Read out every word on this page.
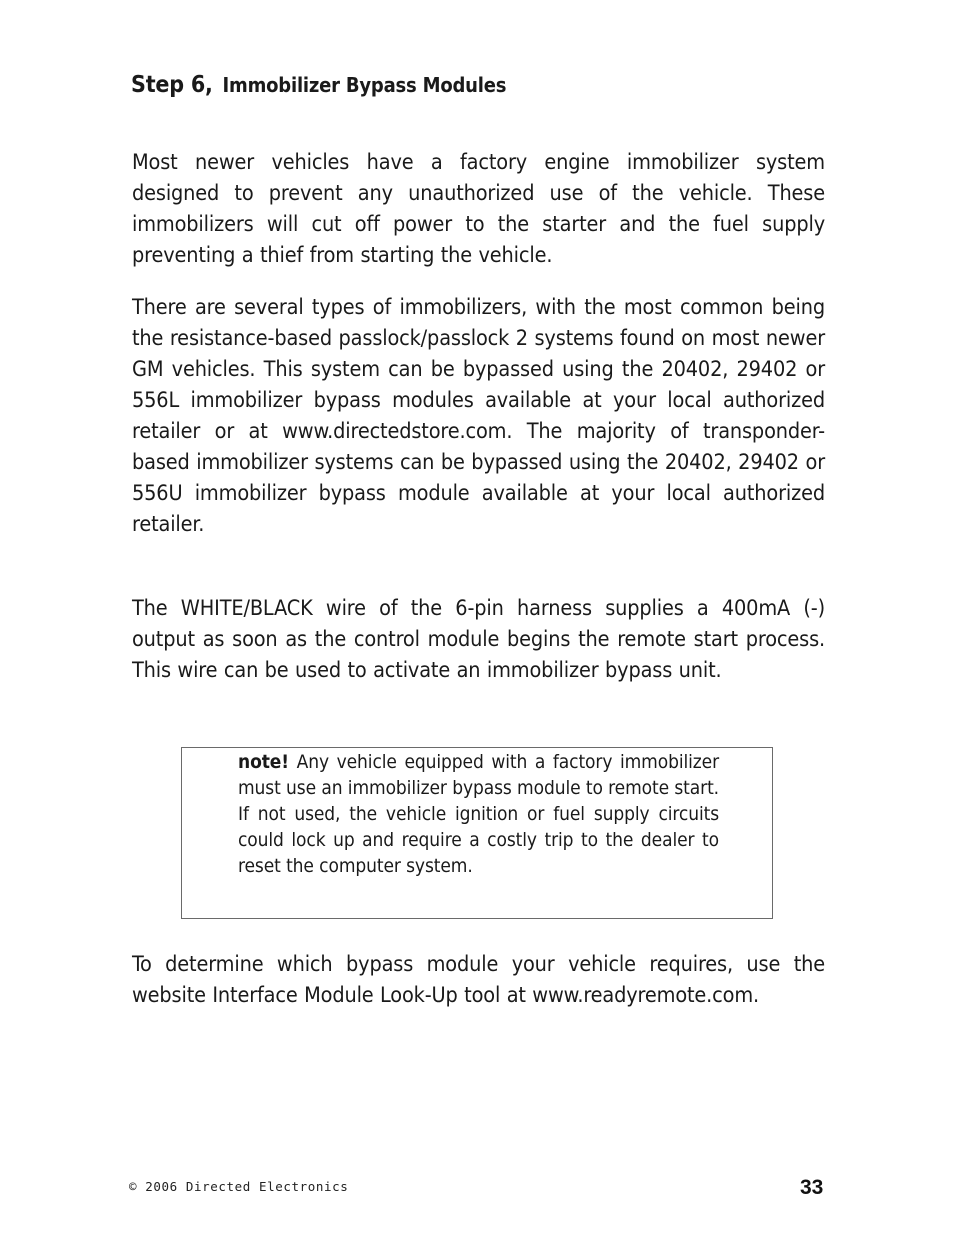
Step 6, Immobilizer Bypass Modules

Most newer vehicles have a factory engine immobilizer system designed to prevent any unauthorized use of the vehicle. These immobilizers will cut off power to the starter and the fuel supply preventing a thief from starting the vehicle.

There are several types of immobilizers, with the most common being the resistance-based passlock/passlock 2 systems found on most newer GM vehicles. This system can be bypassed using the 20402, 29402 or 556L immobilizer bypass modules available at your local authorized retailer or at www.directedstore.com. The majority of transponder-based immobilizer systems can be bypassed using the 20402, 29402 or 556U immobilizer bypass module available at your local authorized retailer.

The WHITE/BLACK wire of the 6-pin harness supplies a 400mA (-) output as soon as the control module begins the remote start process. This wire can be used to activate an immobilizer bypass unit.

note! Any vehicle equipped with a factory immobilizer must use an immobilizer bypass module to remote start. If not used, the vehicle ignition or fuel supply circuits could lock up and require a costly trip to the dealer to reset the computer system.

To determine which bypass module your vehicle requires, use the website Interface Module Look-Up tool at www.readyremote.com.

© 2006 Directed Electronics	33
